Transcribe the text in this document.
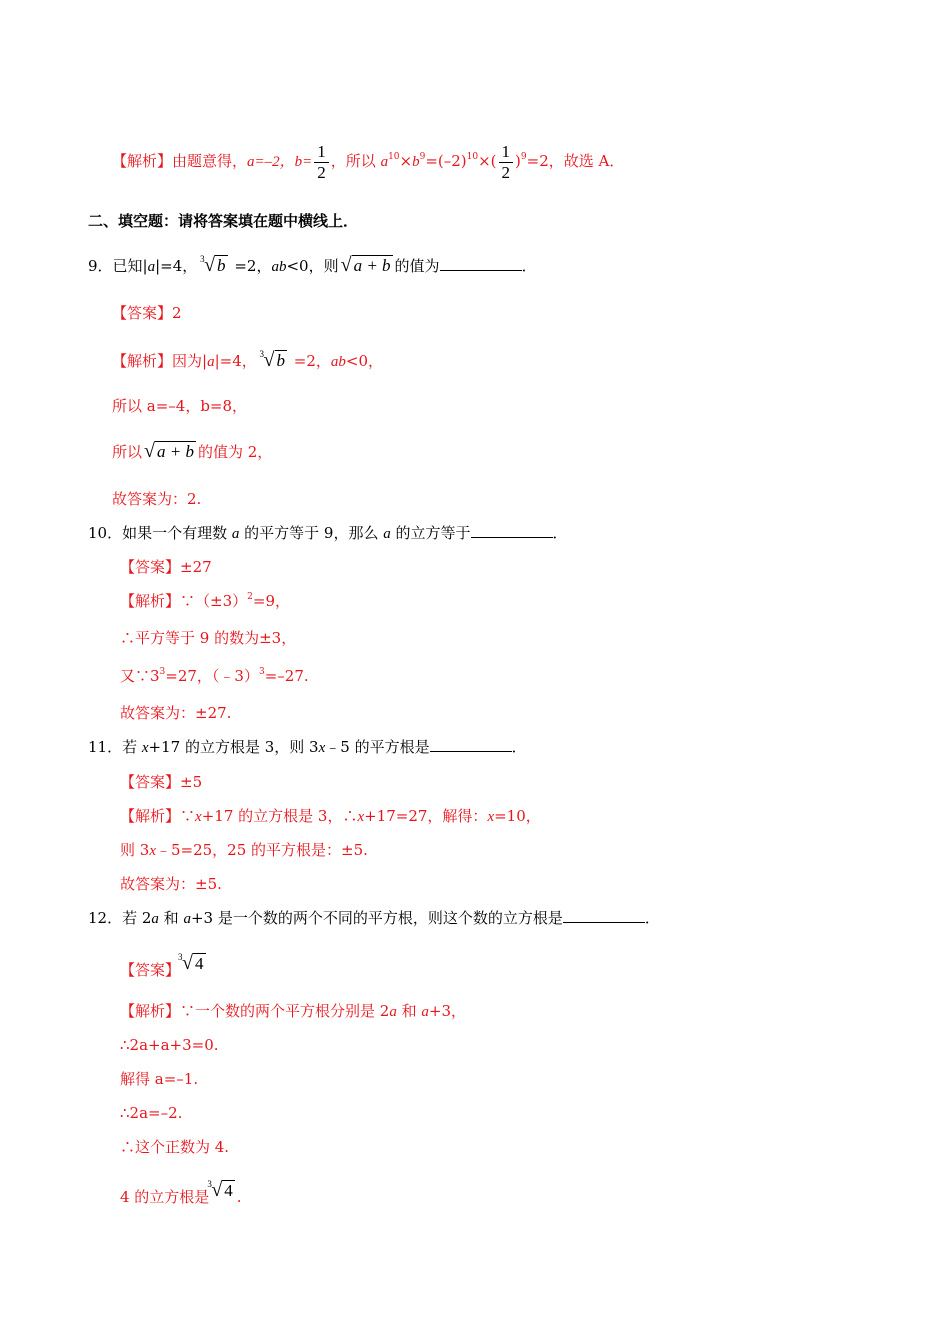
【解析】由题意得，a=–2，$b= \frac{1}{2}$ ，所以 $a^{10}\times b^9=(-2)^{10}\times( \frac{1}{2} )^9=2$，故选 A．
二、填空题：请将答案填在题中横线上．
9．已知|a|=4， 3 √ b =2，ab<0，则 √ a + b 的值为	．
【答案】2
【解析】因为|a|=4， 3 √ b =2，ab<0，
所以 a=–4，b=8，
所以 √ a + b 的值为 2，
故答案为：2.
10．如果一个有理数 a 的平方等于 9，那么 a 的立方等于	．
【答案】±27
【解析】$\because(\pm 3)^2=9$，
∴平方等于 9 的数为±3，
又$\because 3^3=27$，（﹣3）$^3$=–27.
故答案为：±27.
11．若 x+17 的立方根是 3，则 3x﹣5 的平方根是	．
【答案】±5
【解析】∵x+17 的立方根是 3，∴x+17=27，解得：x=10，
则 3x﹣5=25，25 的平方根是：±5.
故答案为：±5.
12．若 2a 和 a+3 是一个数的两个不同的平方根，则这个数的立方根是	．
【答案】
3 √ 4
【解析】∵一个数的两个平方根分别是 2a 和 a+3，
∴2a+a+3=0.
解得 a=–1.
∴2a=–2.
∴这个正数为 4.
4 的立方根是
3 √ 4 .
